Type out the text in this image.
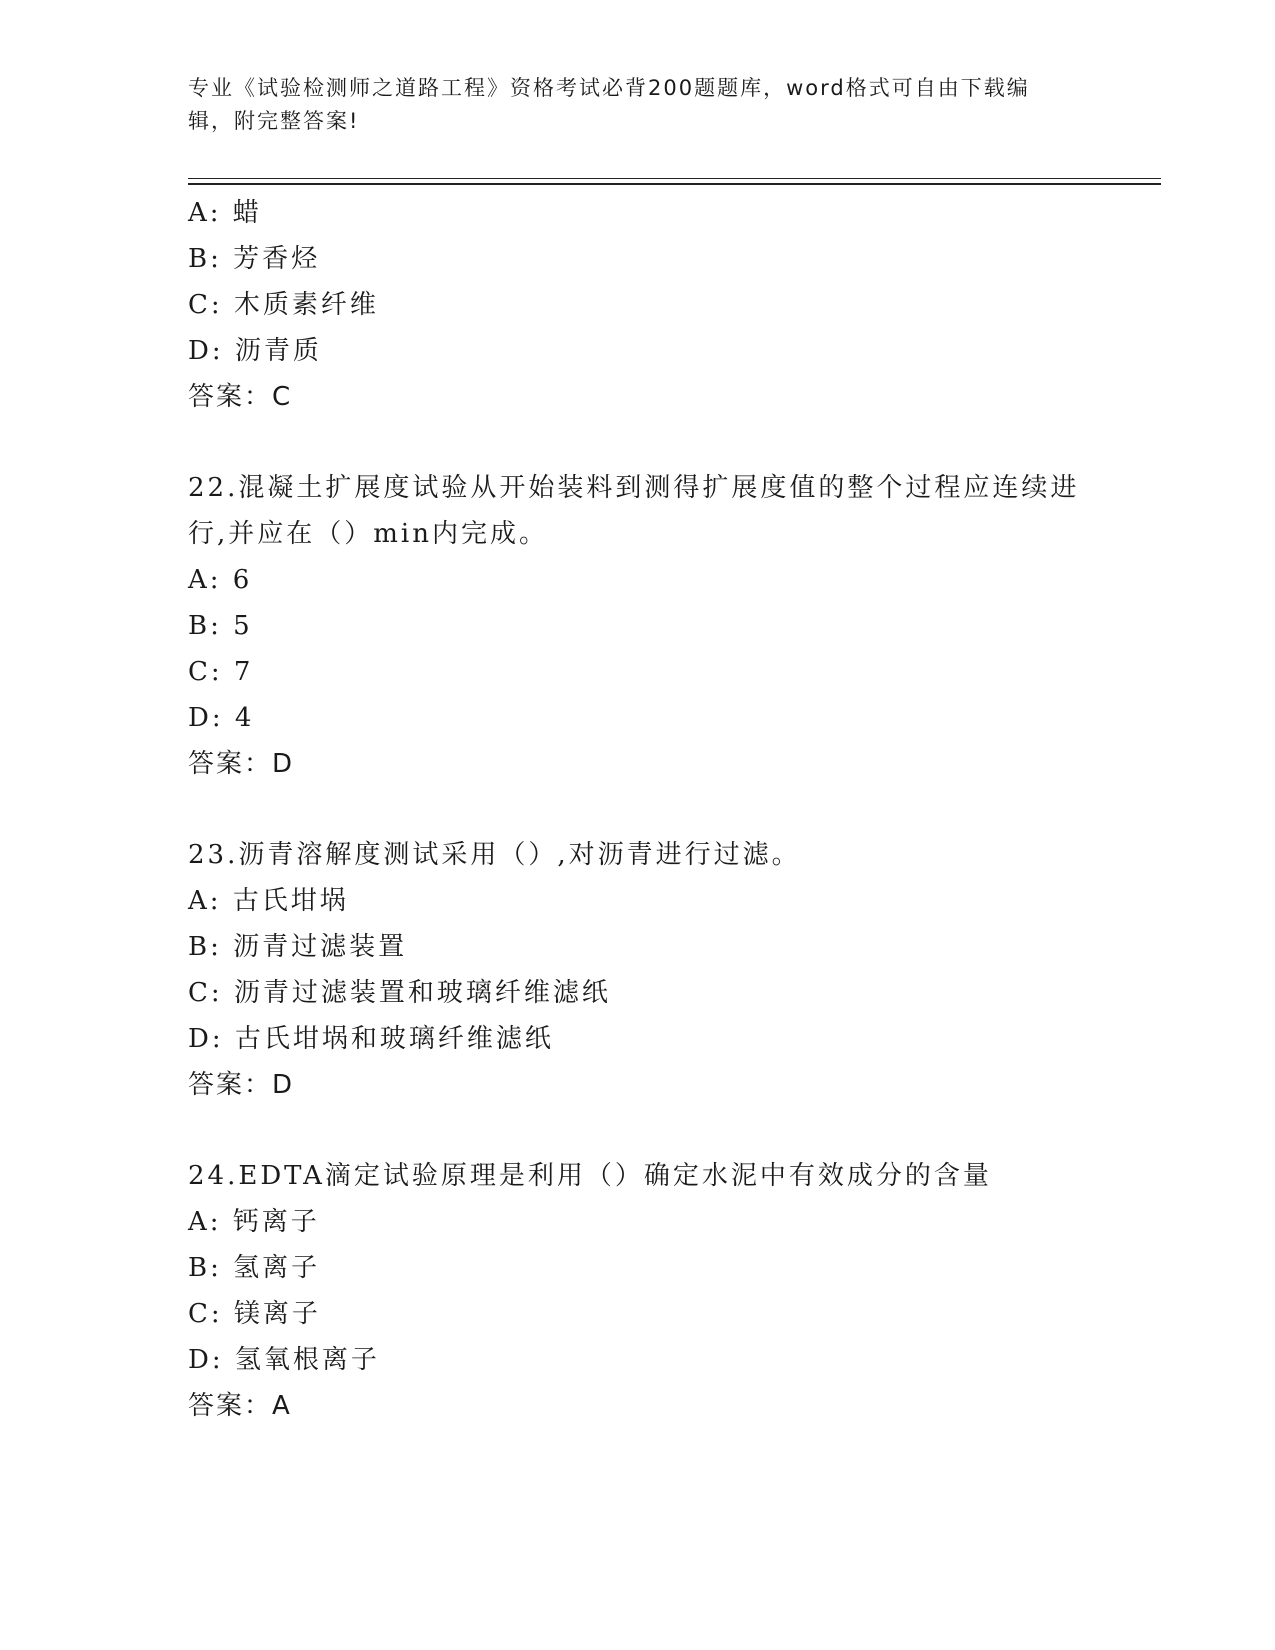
专业《试验检测师之道路工程》资格考试必背200题题库，word格式可自由下载编辑，附完整答案!
A: 蜡
B: 芳香烃
C: 木质素纤维
D: 沥青质
答案：C
22.混凝土扩展度试验从开始装料到测得扩展度值的整个过程应连续进行,并应在（）min内完成。
A: 6
B: 5
C: 7
D: 4
答案：D
23.沥青溶解度测试采用（）,对沥青进行过滤。
A: 古氏坩埚
B: 沥青过滤装置
C: 沥青过滤装置和玻璃纤维滤纸
D: 古氏坩埚和玻璃纤维滤纸
答案：D
24.EDTA滴定试验原理是利用（）确定水泥中有效成分的含量
A: 钙离子
B: 氢离子
C: 镁离子
D: 氢氧根离子
答案：A
